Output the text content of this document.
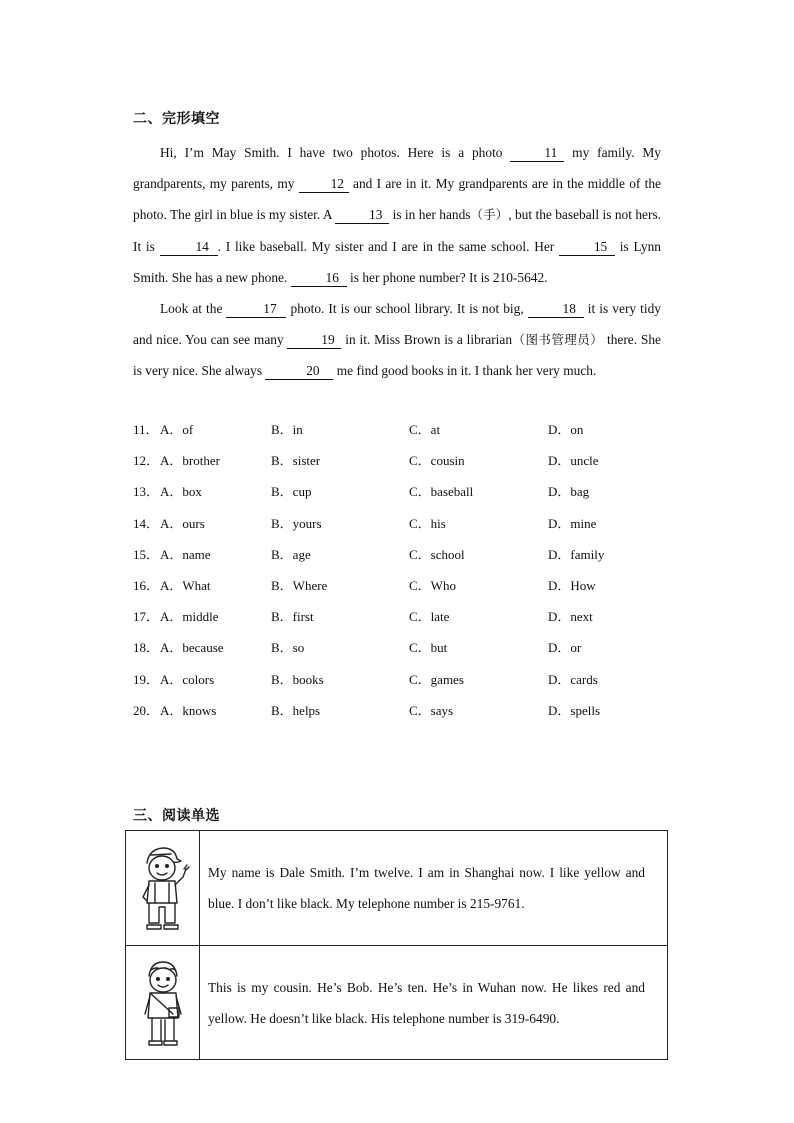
二、完形填空

Hi, I’m May Smith. I have two photos. Here is a photo	11 my family. My grandparents, my parents, my 12 and I are in it. My grandparents are in the middle of the photo. The girl in blue is my sister. A	13 is in her hands（手）, but the baseball is not hers. It is	14 . I like baseball. My sister and I are in the same school. Her	15 is Lynn Smith. She has a new phone.	16 is her phone number? It is 210-5642.

Look at the	17 photo. It is our school library. It is not big,	18 it is very tidy and nice. You can see many	19 in it. Miss Brown is a librarian（图书管理员） there. She is very nice. She always	20 me find good books in it. I thank her very much.

11． A．of	B．in	C．at	D．on
12． A．brother	B．sister	C．cousin	D．uncle
13． A．box	B．cup	C．baseball	D．bag
14． A．ours	B．yours	C．his	D．mine
15． A．name	B．age	C．school	D．family
16． A．What	B．Where	C．Who	D．How
17． A．middle	B．first	C．late	D．next
18． A．because	B．so	C．but	D．or
19． A．colors	B．books	C．games	D．cards
20． A．knows	B．helps	C．says	D．spells
三、阅读单选
My name is Dale Smith. I’m twelve. I am in Shanghai now. I like yellow and blue. I don’t like black. My telephone number is 215-9761.
This is my cousin. He’s Bob. He’s ten. He’s in Wuhan now. He likes red and yellow. He doesn’t like black. His telephone number is 319-6490.
